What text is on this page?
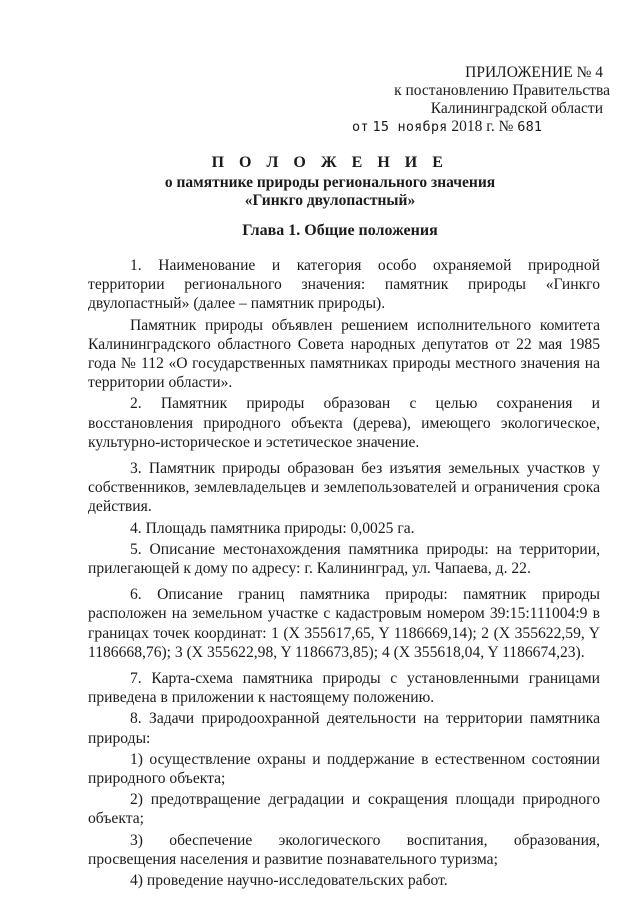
ПРИЛОЖЕНИЕ № 4
к постановлению Правительства
Калининградской области
от 15 ноября 2018 г. № 681
П О Л О Ж Е Н И Е
о памятнике природы регионального значения
«Гинкго двулопастный»
Глава 1. Общие положения

1. Наименование и категория особо охраняемой природной территории регионального значения: памятник природы «Гинкго двулопастный» (далее – памятник природы).

Памятник природы объявлен решением исполнительного комитета Калининградского областного Совета народных депутатов от 22 мая 1985 года № 112 «О государственных памятниках природы местного значения на территории области».

2. Памятник природы образован с целью сохранения и восстановления природного объекта (дерева), имеющего экологическое, культурно-историческое и эстетическое значение.

3. Памятник природы образован без изъятия земельных участков у собственников, землевладельцев и землепользователей и ограничения срока действия.

4. Площадь памятника природы: 0,0025 га.

5. Описание местонахождения памятника природы: на территории, прилегающей к дому по адресу: г. Калининград, ул. Чапаева, д. 22.

6. Описание границ памятника природы: памятник природы расположен на земельном участке с кадастровым номером 39:15:111004:9 в границах точек координат: 1 (X 355617,65, Y 1186669,14); 2 (X 355622,59, Y 1186668,76); 3 (X 355622,98, Y 1186673,85); 4 (X 355618,04, Y 1186674,23).

7. Карта-схема памятника природы с установленными границами приведена в приложении к настоящему положению.

8. Задачи природоохранной деятельности на территории памятника природы:

1) осуществление охраны и поддержание в естественном состоянии природного объекта;

2) предотвращение деградации и сокращения площади природного объекта;

3) обеспечение экологического воспитания, образования, просвещения населения и развитие познавательного туризма;

4) проведение научно-исследовательских работ.
